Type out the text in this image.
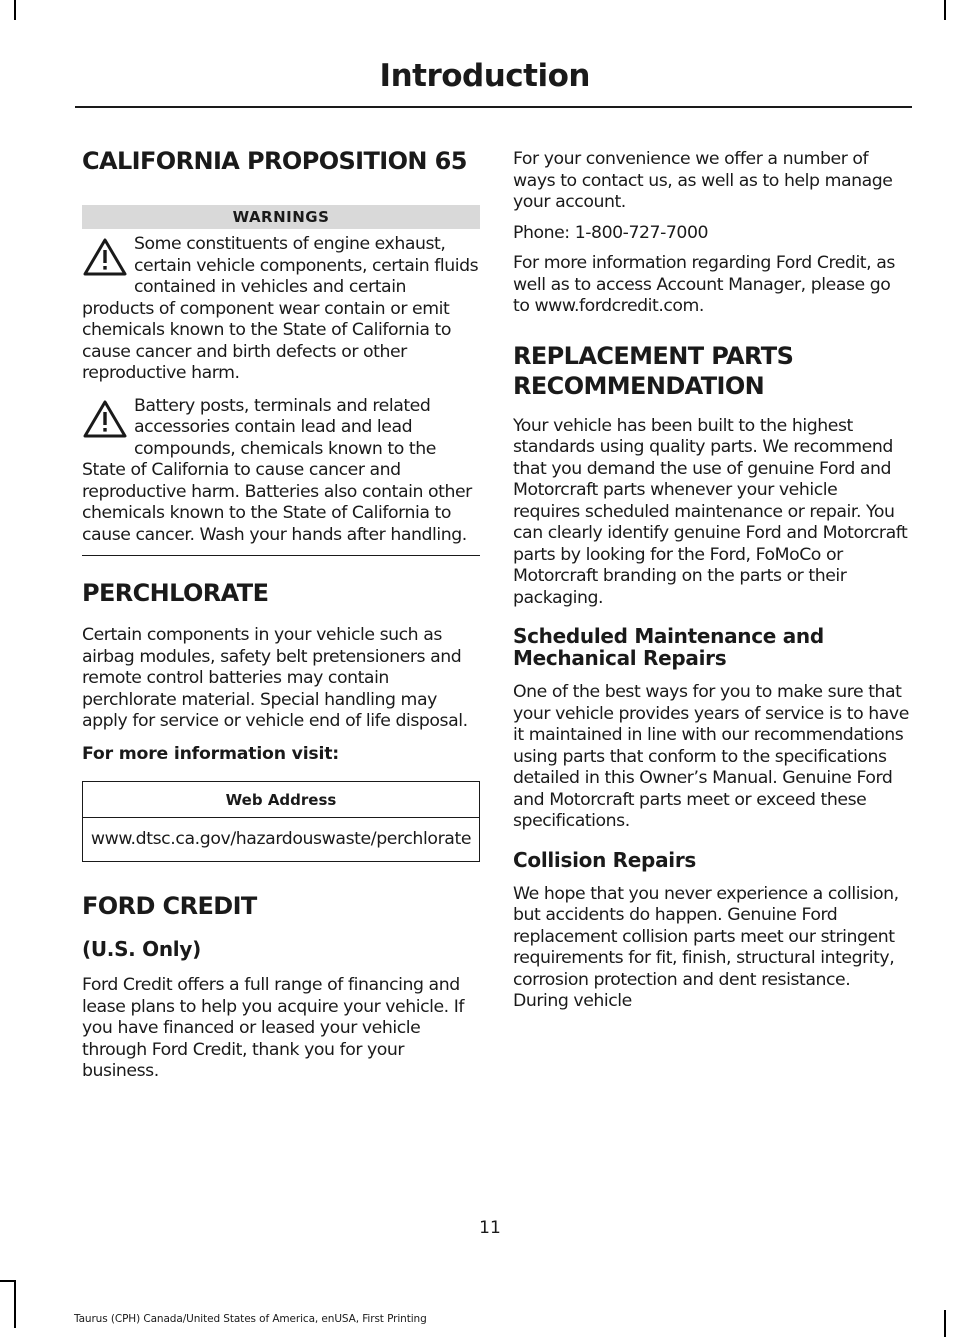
Introduction
CALIFORNIA PROPOSITION 65
WARNINGS

Some constituents of engine exhaust, certain vehicle components, certain fluids contained in vehicles and certain products of component wear contain or emit chemicals known to the State of California to cause cancer and birth defects or other reproductive harm.

Battery posts, terminals and related accessories contain lead and lead compounds, chemicals known to the State of California to cause cancer and reproductive harm. Batteries also contain other chemicals known to the State of California to cause cancer. Wash your hands after handling.

PERCHLORATE

Certain components in your vehicle such as airbag modules, safety belt pretensioners and remote control batteries may contain perchlorate material. Special handling may apply for service or vehicle end of life disposal.

For more information visit:

Web Address
www.dtsc.ca.gov/hazardouswaste/perchlorate
FORD CREDIT
(U.S. Only)

Ford Credit offers a full range of financing and lease plans to help you acquire your vehicle. If you have financed or leased your vehicle through Ford Credit, thank you for your business.

For your convenience we offer a number of ways to contact us, as well as to help manage your account.

Phone: 1-800-727-7000

For more information regarding Ford Credit, as well as to access Account Manager, please go to www.fordcredit.com.

REPLACEMENT PARTS
RECOMMENDATION

Your vehicle has been built to the highest standards using quality parts. We recommend that you demand the use of genuine Ford and Motorcraft parts whenever your vehicle requires scheduled maintenance or repair. You can clearly identify genuine Ford and Motorcraft parts by looking for the Ford, FoMoCo or Motorcraft branding on the parts or their packaging.

Scheduled Maintenance and Mechanical Repairs

One of the best ways for you to make sure that your vehicle provides years of service is to have it maintained in line with our recommendations using parts that conform to the specifications detailed in this Owner’s Manual. Genuine Ford and Motorcraft parts meet or exceed these specifications.

Collision Repairs

We hope that you never experience a collision, but accidents do happen. Genuine Ford replacement collision parts meet our stringent requirements for fit, finish, structural integrity, corrosion protection and dent resistance. During vehicle

11
Taurus (CPH) Canada/United States of America, enUSA, First Printing
